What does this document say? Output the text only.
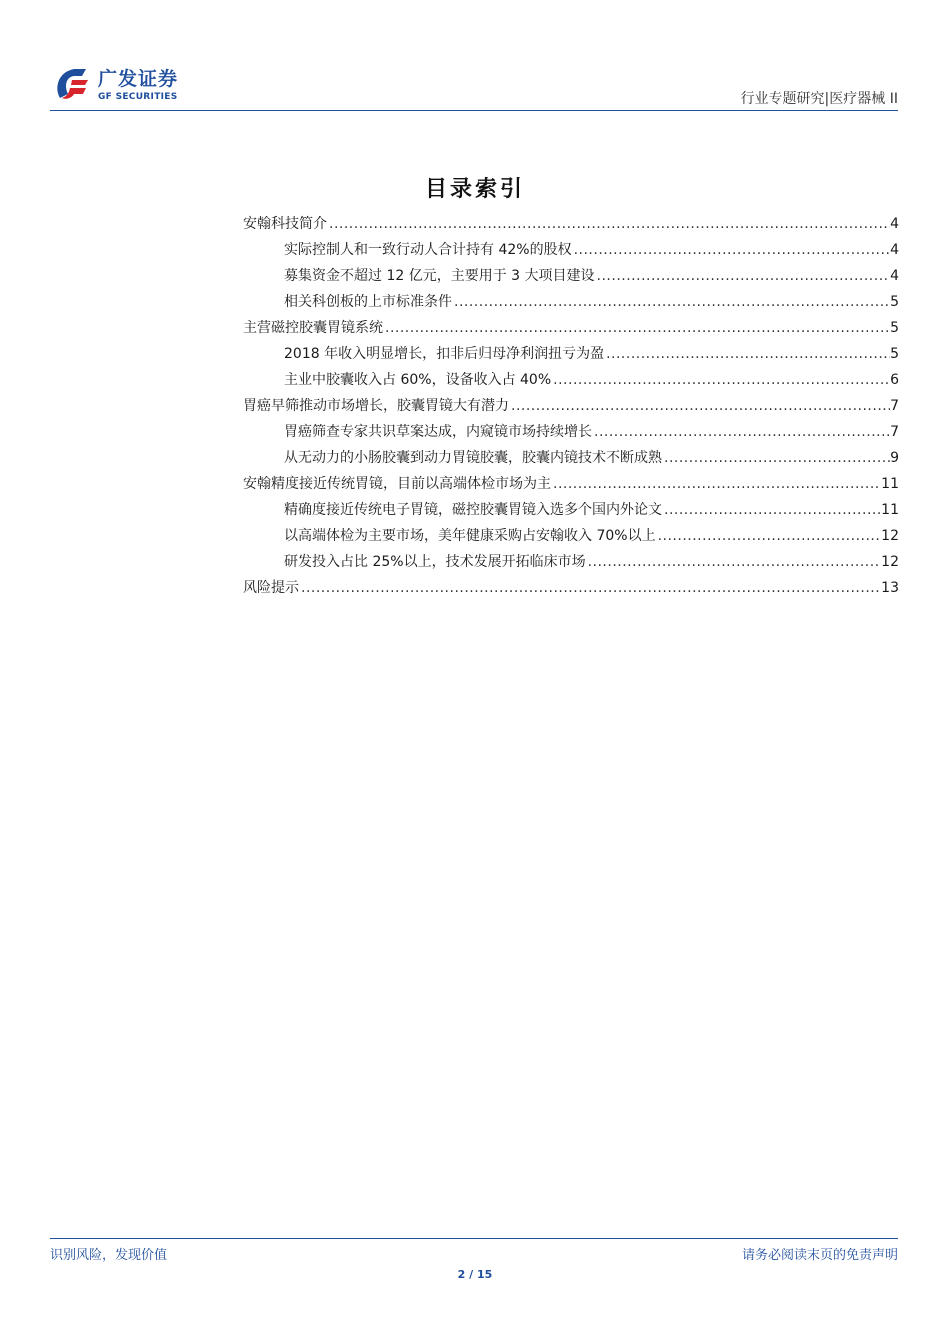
广发证券
GF SECURITIES	行业专题研究|医疗器械 II
目录索引
安翰科技简介 .....	4
实际控制人和一致行动人合计持有 42%的股权 .....	4
募集资金不超过 12 亿元，主要用于 3 大项目建设 .....	4
相关科创板的上市标准条件 .....	5
主营磁控胶囊胃镜系统 .....	5
2018 年收入明显增长，扣非后归母净利润扭亏为盈 .....	5
主业中胶囊收入占 60%，设备收入占 40% .....	6
胃癌早筛推动市场增长，胶囊胃镜大有潜力 .....	7
胃癌筛查专家共识草案达成，内窥镜市场持续增长 .....	7
从无动力的小肠胶囊到动力胃镜胶囊，胶囊内镜技术不断成熟 .....	9
安翰精度接近传统胃镜，目前以高端体检市场为主 .....	11
精确度接近传统电子胃镜，磁控胶囊胃镜入选多个国内外论文 .....	11
以高端体检为主要市场，美年健康采购占安翰收入 70%以上 .....	12
研发投入占比 25%以上，技术发展开拓临床市场 .....	12
风险提示 .....	13
识别风险，发现价值	请务必阅读末页的免责声明
2 / 15
